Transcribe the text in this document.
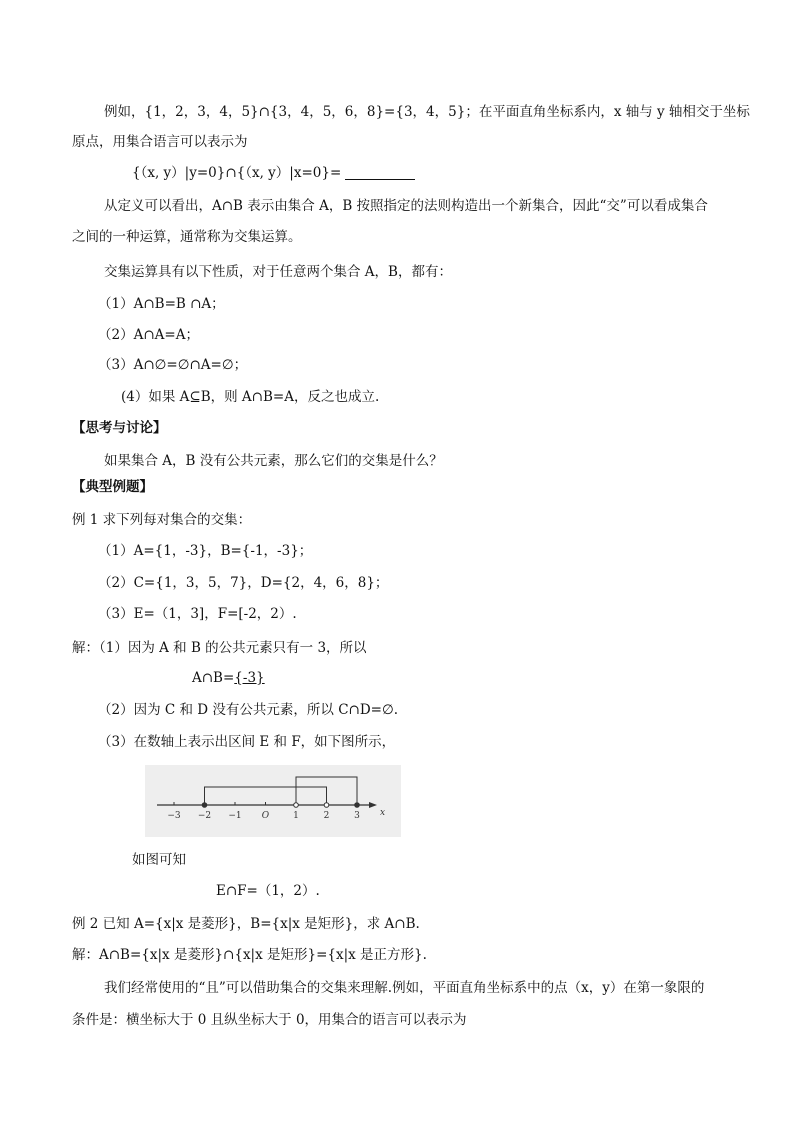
例如，{1，2，3，4，5}∩{3，4，5，6，8}={3，4，5}；在平面直角坐标系内，x 轴与 y 轴相交于坐标
原点，用集合语言可以表示为
{（x, y）|y=0}∩{（x, y）|x=0}=
从定义可以看出，A∩B 表示由集合 A，B 按照指定的法则构造出一个新集合，因此“交”可以看成集合
之间的一种运算，通常称为交集运算。
交集运算具有以下性质，对于任意两个集合 A，B，都有：
（1）A∩B=B ∩A；
（2）A∩A=A；
（3）A∩∅=∅∩A=∅；
(4）如果 A⊆B，则 A∩B=A，反之也成立.
【思考与讨论】
如果集合 A，B 没有公共元素，那么它们的交集是什么？
【典型例题】
例 1 求下列每对集合的交集：
（1）A={1，-3}，B={-1，-3}；
（2）C={1，3，5，7}，D={2，4，6，8}；
（3）E=（1，3]，F=[-2，2）.
解：（1）因为 A 和 B 的公共元素只有一 3，所以
A∩B={-3}
（2）因为 C 和 D 没有公共元素，所以 C∩D=∅.
（3）在数轴上表示出区间 E 和 F，如下图所示，
x
−3 −2 −1 O	1	2	3
如图可知
E∩F=（1，2）.
例 2 已知 A={x|x 是菱形}，B={x|x 是矩形}，求 A∩B.
解：A∩B={x|x 是菱形}∩{x|x 是矩形}={x|x 是正方形}.
我们经常使用的“且”可以借助集合的交集来理解.例如，平面直角坐标系中的点（x，y）在第一象限的
条件是：横坐标大于 0 且纵坐标大于 0，用集合的语言可以表示为
